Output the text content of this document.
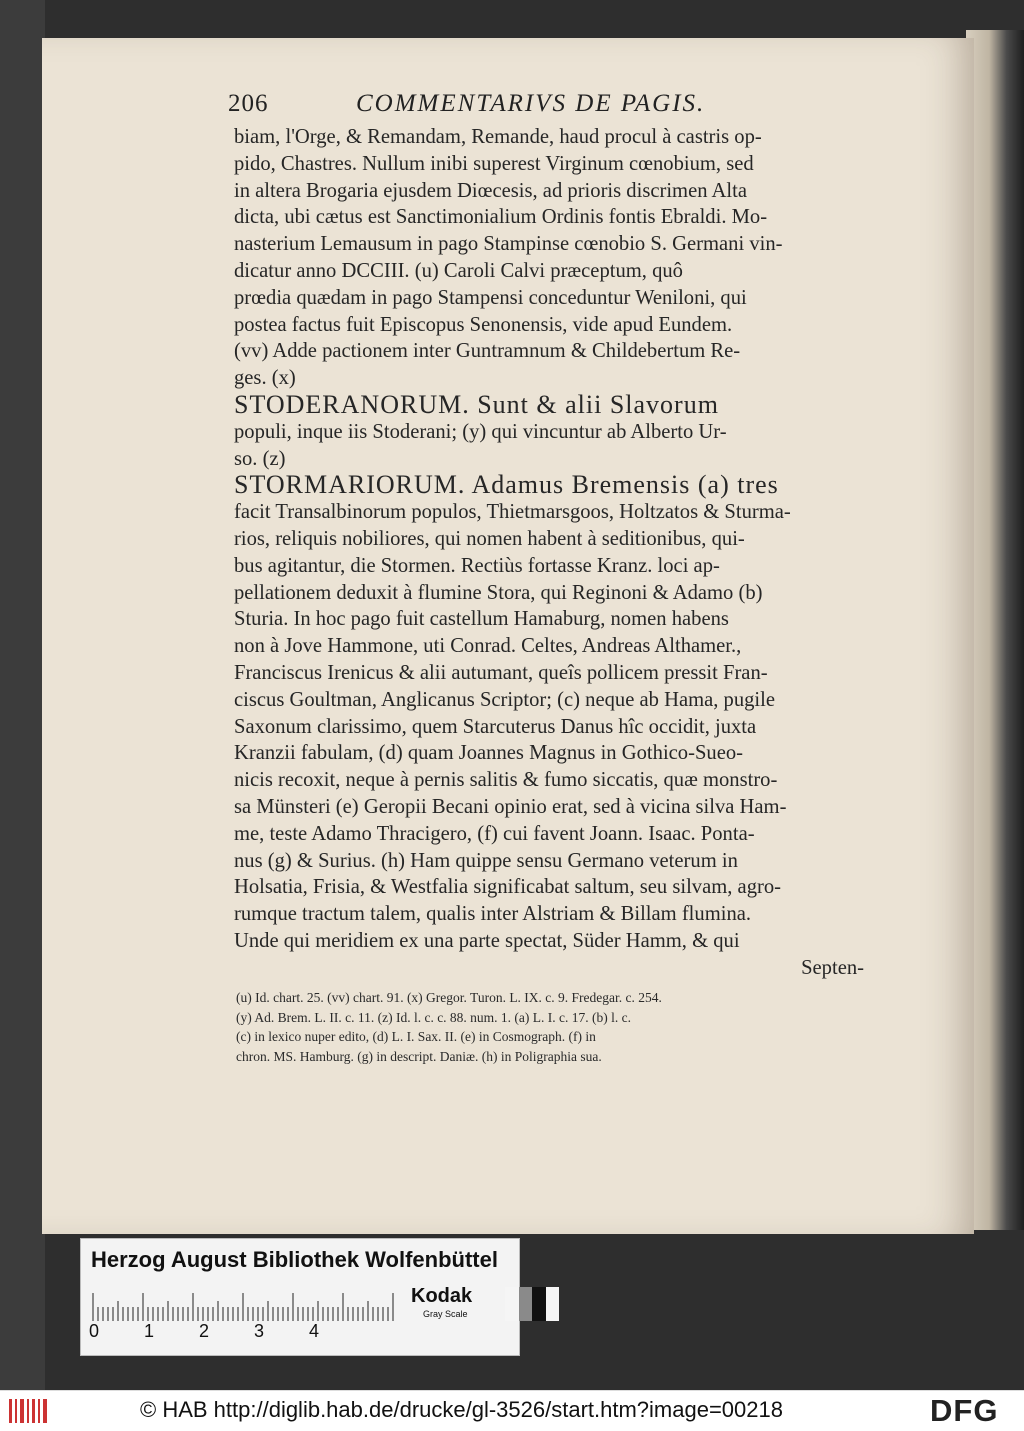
206	COMMENTARIVS DE PAGIS.
biam, l'Orge, & Remandam, Remande, haud procul à castris op-
pido, Chastres. Nullum inibi superest Virginum cœnobium, sed
in altera Brogaria ejusdem Diœcesis, ad prioris discrimen Alta
dicta, ubi cætus est Sanctimonialium Ordinis fontis Ebraldi. Mo-
nasterium Lemausum in pago Stampinse cœnobio S. Germani vin-
dicatur anno DCCIII. (u) Caroli Calvi præceptum, quô
prœdia quædam in pago Stampensi conceduntur Weniloni, qui
postea factus fuit Episcopus Senonensis, vide apud Eundem.
(vv) Adde pactionem inter Guntramnum & Childebertum Re-
ges. (x)
STODERANORUM. Sunt & alii Slavorum
populi, inque iis Stoderani; (y) qui vincuntur ab Alberto Ur-
so. (z)
STORMARIORUM. Adamus Bremensis (a) tres
facit Transalbinorum populos, Thietmarsgoos, Holtzatos & Sturma-
rios, reliquis nobiliores, qui nomen habent à seditionibus, qui-
bus agitantur, die Stormen. Rectiùs fortasse Kranz. loci ap-
pellationem deduxit à flumine Stora, qui Reginoni & Adamo (b)
Sturia. In hoc pago fuit castellum Hamaburg, nomen habens
non à Jove Hammone, uti Conrad. Celtes, Andreas Althamer.,
Franciscus Irenicus & alii autumant, queîs pollicem pressit Fran-
ciscus Goultman, Anglicanus Scriptor; (c) neque ab Hama, pugile
Saxonum clarissimo, quem Starcuterus Danus hîc occidit, juxta
Kranzii fabulam, (d) quam Joannes Magnus in Gothico-Sueo-
nicis recoxit, neque à pernis salitis & fumo siccatis, quæ monstro-
sa Münsteri (e) Geropii Becani opinio erat, sed à vicina silva Ham-
me, teste Adamo Thracigero, (f) cui favent Joann. Isaac. Ponta-
nus (g) & Surius. (h) Ham quippe sensu Germano veterum in
Holsatia, Frisia, & Westfalia significabat saltum, seu silvam, agro-
rumque tractum talem, qualis inter Alstriam & Billam flumina.
Unde qui meridiem ex una parte spectat, Süder Hamm, & qui
Septen-
(u) Id. chart. 25. (vv) chart. 91. (x) Gregor. Turon. L. IX. c. 9. Fredegar. c. 254.
(y) Ad. Brem. L. II. c. 11. (z) Id. l. c. c. 88. num. 1. (a) L. I. c. 17. (b) l. c.
(c) in lexico nuper edito, (d) L. I. Sax. II. (e) in Cosmograph. (f) in
chron. MS. Hamburg. (g) in descript. Daniæ. (h) in Poligraphia sua.
Herzog August Bibliothek Wolfenbüttel
0 1 2 3 4
Kodak
Gray Scale
© HAB http://diglib.hab.de/drucke/gl-3526/start.htm?image=00218	DFG
